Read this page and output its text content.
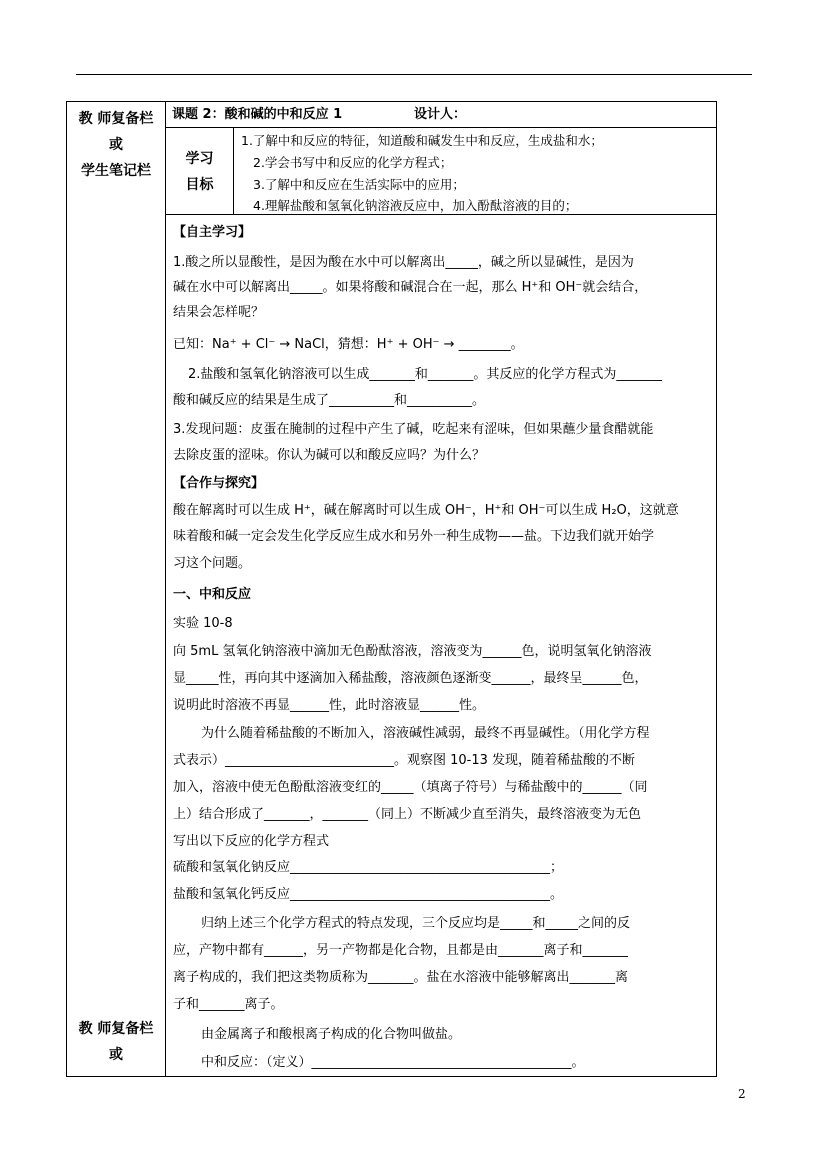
教 师复备栏
或
学生笔记栏
教 师复备栏
或
课题 2：酸和碱的中和反应 1	设计人：
学习
目标
1.了解中和反应的特征，知道酸和碱发生中和反应，生成盐和水；
2.学会书写中和反应的化学方程式；
3.了解中和反应在生活实际中的应用；
4.理解盐酸和氢氧化钠溶液反应中，加入酚酞溶液的目的；
【自主学习】
1.酸之所以显酸性，是因为酸在水中可以解离出_____，碱之所以显碱性，是因为
碱在水中可以解离出_____。如果将酸和碱混合在一起，那么 H⁺和 OH⁻就会结合，
结果会怎样呢？
已知：Na⁺ + Cl⁻ → NaCl，猜想：H⁺ + OH⁻ → ________。
2.盐酸和氢氧化钠溶液可以生成_______和_______。其反应的化学方程式为_______
酸和碱反应的结果是生成了__________和__________。
3.发现问题：皮蛋在腌制的过程中产生了碱，吃起来有涩味，但如果蘸少量食醋就能
去除皮蛋的涩味。你认为碱可以和酸反应吗？为什么？
【合作与探究】
酸在解离时可以生成 H⁺，碱在解离时可以生成 OH⁻，H⁺和 OH⁻可以生成 H₂O，这就意
味着酸和碱一定会发生化学反应生成水和另外一种生成物——盐。下边我们就开始学
习这个问题。
一、中和反应
实验 10-8
向 5mL 氢氧化钠溶液中滴加无色酚酞溶液，溶液变为______色，说明氢氧化钠溶液
显_____性，再向其中逐滴加入稀盐酸，溶液颜色逐渐变______，最终呈______色，
说明此时溶液不再显______性，此时溶液显______性。
为什么随着稀盐酸的不断加入，溶液碱性减弱，最终不再显碱性。（用化学方程
式表示）__________________________。观察图 10-13 发现，随着稀盐酸的不断
加入，溶液中使无色酚酞溶液变红的_____（填离子符号）与稀盐酸中的______（同
上）结合形成了_______，_______（同上）不断减少直至消失，最终溶液变为无色
写出以下反应的化学方程式
硫酸和氢氧化钠反应________________________________________；
盐酸和氢氧化钙反应________________________________________。
归纳上述三个化学方程式的特点发现，三个反应均是_____和_____之间的反
应，产物中都有______，另一产物都是化合物，且都是由_______离子和_______
离子构成的，我们把这类物质称为_______。盐在水溶液中能够解离出_______离
子和_______离子。
由金属离子和酸根离子构成的化合物叫做盐。
中和反应：（定义）________________________________________。
2
